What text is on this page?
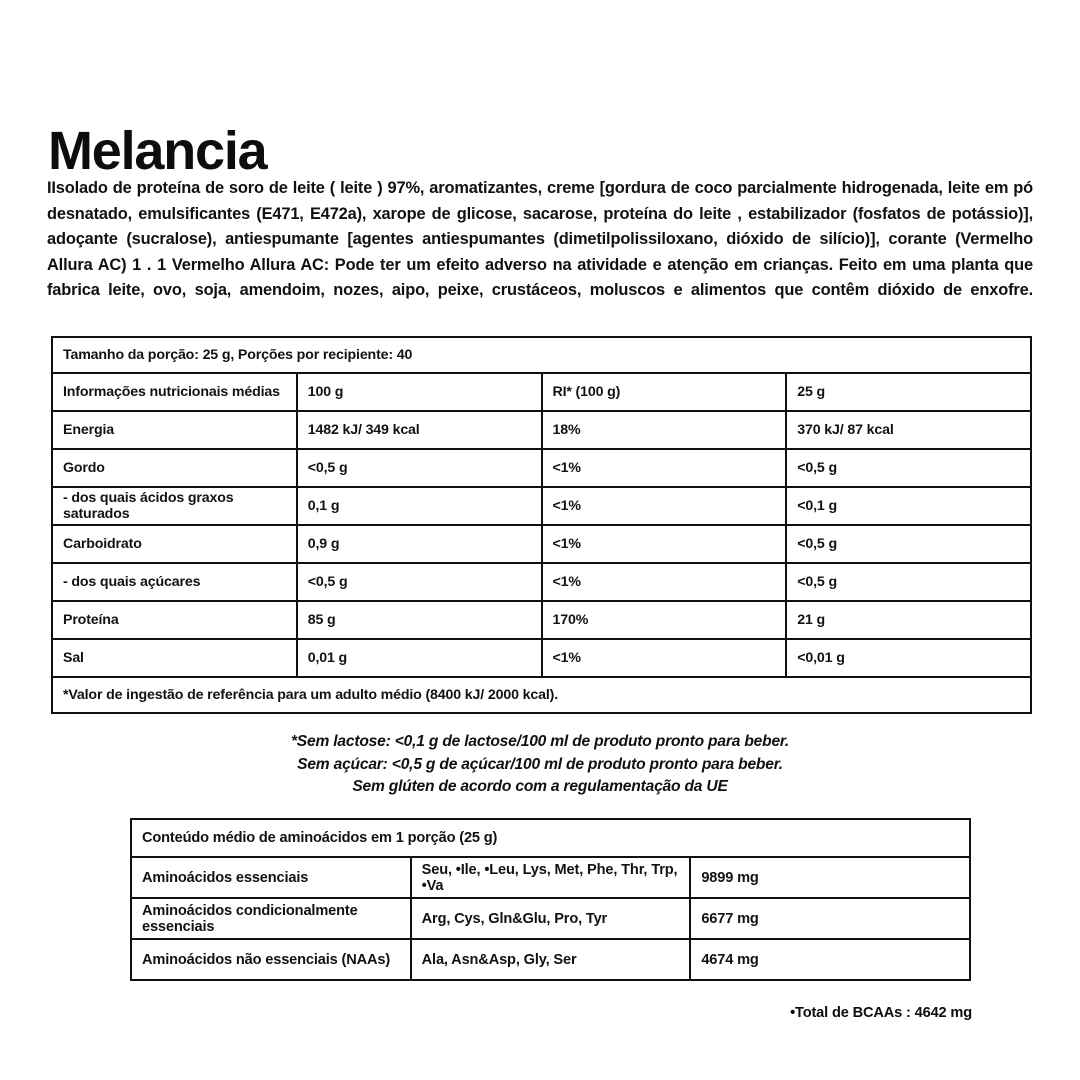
Melancia

IIsolado de proteína de soro de leite ( leite ) 97%, aromatizantes, creme [gordura de coco parcialmente hidrogenada, leite em pó desnatado, emulsificantes (E471, E472a), xarope de glicose, sacarose, proteína do leite , estabilizador (fosfatos de potássio)], adoçante (sucralose), antiespumante [agentes antiespumantes (dimetilpolissiloxano, dióxido de silício)], corante (Vermelho Allura AC) 1 . 1 Vermelho Allura AC: Pode ter um efeito adverso na atividade e atenção em crianças. Feito em uma planta que fabrica leite, ovo, soja, amendoim, nozes, aipo, peixe, crustáceos, moluscos e alimentos que contêm dióxido de enxofre.

Tamanho da porção: 25 g, Porções por recipiente: 40			
Informações nutricionais médias	100 g	RI* (100 g)	25 g
Energia	1482 kJ/ 349 kcal	18%	370 kJ/ 87 kcal
Gordo	<0,5 g	<1%	<0,5 g
- dos quais ácidos graxos saturados	0,1 g	<1%	<0,1 g
Carboidrato	0,9 g	<1%	<0,5 g
- dos quais açúcares	<0,5 g	<1%	<0,5 g
Proteína	85 g	170%	21 g
Sal	0,01 g	<1%	<0,01 g
*Valor de ingestão de referência para um adulto médio (8400 kJ/ 2000 kcal).			
*Sem lactose: <0,1 g de lactose/100 ml de produto pronto para beber.
Sem açúcar: <0,5 g de açúcar/100 ml de produto pronto para beber.
Sem glúten de acordo com a regulamentação da UE
Conteúdo médio de aminoácidos em 1 porção (25 g)		
Aminoácidos essenciais	Seu, •Ile, •Leu, Lys, Met, Phe, Thr, Trp, •Va	9899 mg
Aminoácidos condicionalmente essenciais	Arg, Cys, Gln&Glu, Pro, Tyr	6677 mg
Aminoácidos não essenciais (NAAs)	Ala, Asn&Asp, Gly, Ser	4674 mg
•Total de BCAAs : 4642 mg
